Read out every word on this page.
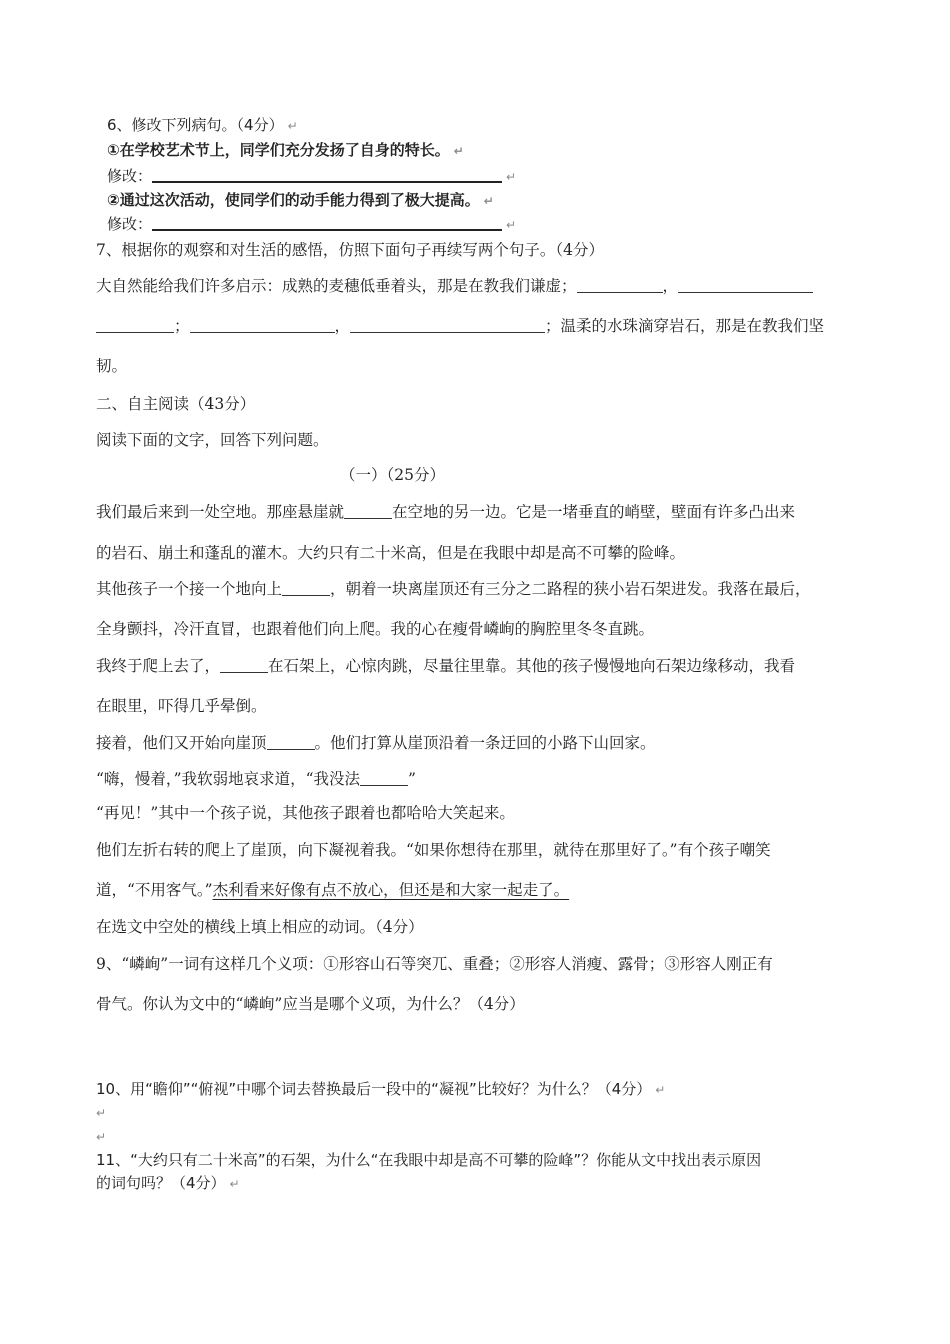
6、修改下列病句。（4分） ↵
①在学校艺术节上，同学们充分发扬了自身的特长。 ↵
修改：	↵
②通过这次活动，使同学们的动手能力得到了极大提高。 ↵
修改：	↵
7、根据你的观察和对生活的感悟，仿照下面句子再续写两个句子。（4分）
大自然能给我们许多启示：成熟的麦穗低垂着头，那是在教我们谦虚；	，
；	，	；温柔的水珠滴穿岩石，那是在教我们坚
韧。
二、自主阅读（43分）
阅读下面的文字，回答下列问题。
（一）（25分）
我们最后来到一处空地。那座悬崖就	在空地的另一边。它是一堵垂直的峭壁，壁面有许多凸出来
的岩石、崩土和蓬乱的灌木。大约只有二十米高，但是在我眼中却是高不可攀的险峰。
其他孩子一个接一个地向上	，朝着一块离崖顶还有三分之二路程的狭小岩石架进发。我落在最后，
全身颤抖，冷汗直冒，也跟着他们向上爬。我的心在瘦骨嶙峋的胸腔里冬冬直跳。
我终于爬上去了，	在石架上，心惊肉跳，尽量往里靠。其他的孩子慢慢地向石架边缘移动，我看
在眼里，吓得几乎晕倒。
接着，他们又开始向崖顶	。他们打算从崖顶沿着一条迂回的小路下山回家。
“嗨，慢着，”我软弱地哀求道，“我没法	”
“再见！”其中一个孩子说，其他孩子跟着也都哈哈大笑起来。
他们左折右转的爬上了崖顶，向下凝视着我。“如果你想待在那里，就待在那里好了。”有个孩子嘲笑
道，“不用客气。”杰利看来好像有点不放心，但还是和大家一起走了。
在选文中空处的横线上填上相应的动词。（4分）
9、“嶙峋”一词有这样几个义项：①形容山石等突兀、重叠；②形容人消瘦、露骨；③形容人刚正有
骨气。你认为文中的“嶙峋”应当是哪个义项，为什么？（4分）
10、用“瞻仰”“俯视”中哪个词去替换最后一段中的“凝视”比较好？为什么？（4分） ↵
↵
↵
11、“大约只有二十米高”的石架，为什么“在我眼中却是高不可攀的险峰”？你能从文中找出表示原因
的词句吗？（4分） ↵
